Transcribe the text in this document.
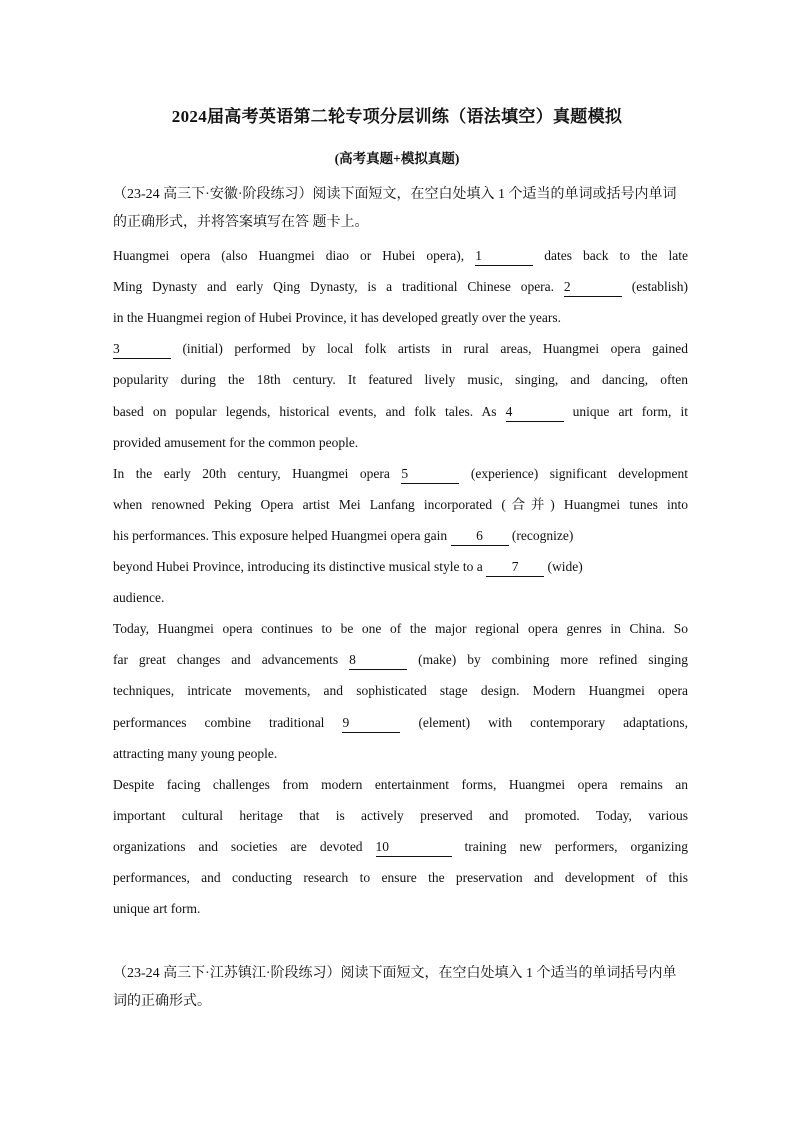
2024届高考英语第二轮专项分层训练（语法填空）真题模拟
(高考真题+模拟真题)
（23-24 高三下·安徽·阶段练习）阅读下面短文，在空白处填入 1 个适当的单词或括号内单词的正确形式，并将答案填写在答 题卡上。
Huangmei opera (also Huangmei diao or Hubei opera), 1	dates back to the late
Ming Dynasty and early Qing Dynasty, is a traditional Chinese opera. 2	(establish)
in the Huangmei region of Hubei Province, it has developed greatly over the years.
3	(initial) performed by local folk artists in rural areas, Huangmei opera gained
popularity during the 18th century. It featured lively music, singing, and dancing, often
based on popular legends, historical events, and folk tales. As 4	unique art form, it
provided amusement for the common people.
In the early 20th century, Huangmei opera 5	(experience) significant development
when renowned Peking Opera artist Mei Lanfang incorporated (合并) Huangmei tunes into
his performances. This exposure helped Huangmei opera gain 6 (recognize)
beyond Hubei Province, introducing its distinctive musical style to a 7 (wide)
audience.
Today, Huangmei opera continues to be one of the major regional opera genres in China. So
far great changes and advancements 8	(make) by combining more refined singing
techniques, intricate movements, and sophisticated stage design. Modern Huangmei opera
performances combine traditional 9	(element) with contemporary adaptations,
attracting many young people.
Despite facing challenges from modern entertainment forms, Huangmei opera remains an
important cultural heritage that is actively preserved and promoted. Today, various
organizations and societies are devoted 10	training new performers, organizing
performances, and conducting research to ensure the preservation and development of this
unique art form.
（23-24 高三下·江苏镇江·阶段练习）阅读下面短文，在空白处填入 1 个适当的单词括号内单词的正确形式。
